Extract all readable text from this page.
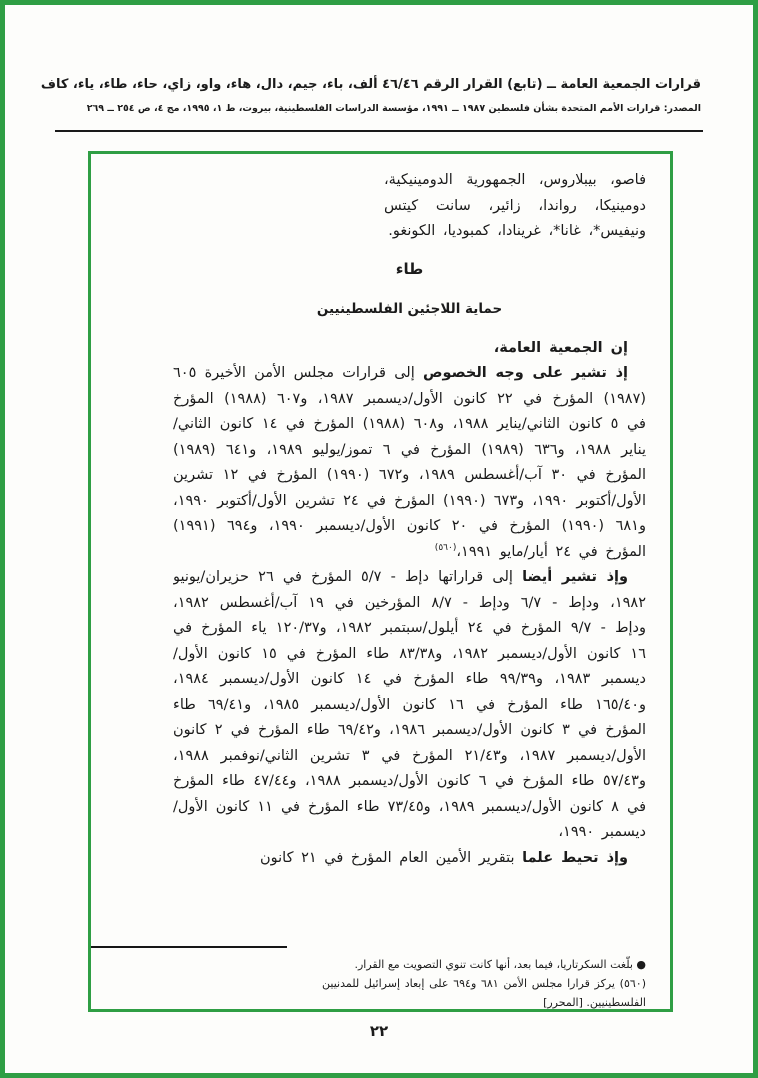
قرارات الجمعية العامة ــ (تابع) القرار الرقم ٤٦/٤٦ ألف، باء، جيم، دال، هاء، واو، زاي، حاء، طاء، ياء، كاف
المصدر: قرارات الأمم المتحدة بشأن فلسطين ١٩٨٧ ــ ١٩٩١، مؤسسة الدراسات الفلسطينية، بيروت، ط ١، ١٩٩٥، مج ٤، ص ٢٥٤ ــ ٢٦٩

فاصو، بيبلاروس، الجمهورية الدومينيكية، دومينيكا، رواندا، زائير، سانت كيتس ونيفيس*، غانا*، غرينادا، كمبوديا، الكونغو.

طاء

حماية اللاجئين الفلسطينيين

إن الجمعية العامة،

إذ تشير على وجه الخصوص إلى قرارات مجلس الأمن الأخيرة ٦٠٥ (١٩٨٧) المؤرخ في ٢٢ كانون الأول/ديسمبر ١٩٨٧، و٦٠٧ (١٩٨٨) المؤرخ في ٥ كانون الثاني/يناير ١٩٨٨، و٦٠٨ (١٩٨٨) المؤرخ في ١٤ كانون الثاني/يناير ١٩٨٨، و٦٣٦ (١٩٨٩) المؤرخ في ٦ تموز/يوليو ١٩٨٩، و٦٤١ (١٩٨٩) المؤرخ في ٣٠ آب/أغسطس ١٩٨٩، و٦٧٢ (١٩٩٠) المؤرخ في ١٢ تشرين الأول/أكتوبر ١٩٩٠، و٦٧٣ (١٩٩٠) المؤرخ في ٢٤ تشرين الأول/أكتوبر ١٩٩٠، و٦٨١ (١٩٩٠) المؤرخ في ٢٠ كانون الأول/ديسمبر ١٩٩٠، و٦٩٤ (١٩٩١) المؤرخ في ٢٤ أيار/مايو ١٩٩١،$^{(٥٦٠)}$

وإذ تشير أيضا إلى قراراتها دإط - ٥/٧ المؤرخ في ٢٦ حزيران/يونيو ١٩٨٢، ودإط - ٦/٧ ودإط - ٨/٧ المؤرخين في ١٩ آب/أغسطس ١٩٨٢، ودإط - ٩/٧ المؤرخ في ٢٤ أيلول/سبتمبر ١٩٨٢، و١٢٠/٣٧ ياء المؤرخ في ١٦ كانون الأول/ديسمبر ١٩٨٢، و٨٣/٣٨ طاء المؤرخ في ١٥ كانون الأول/ديسمبر ١٩٨٣، و٩٩/٣٩ طاء المؤرخ في ١٤ كانون الأول/ديسمبر ١٩٨٤، و١٦٥/٤٠ طاء المؤرخ في ١٦ كانون الأول/ديسمبر ١٩٨٥، و٦٩/٤١ طاء المؤرخ في ٣ كانون الأول/ديسمبر ١٩٨٦، و٦٩/٤٢ طاء المؤرخ في ٢ كانون الأول/ديسمبر ١٩٨٧، و٢١/٤٣ المؤرخ في ٣ تشرين الثاني/نوفمبر ١٩٨٨، و٥٧/٤٣ طاء المؤرخ في ٦ كانون الأول/ديسمبر ١٩٨٨، و٤٧/٤٤ طاء المؤرخ في ٨ كانون الأول/ديسمبر ١٩٨٩، و٧٣/٤٥ طاء المؤرخ في ١١ كانون الأول/ديسمبر ١٩٩٠،

وإذ تحيط علما بتقرير الأمين العام المؤرخ في ٢١ كانون

● بلّغت السكرتاريا، فيما بعد، أنها كانت تنوي التصويت مع القرار.

(٥٦٠) يركز قرارا مجلس الأمن ٦٨١ و٦٩٤ على إبعاد إسرائيل للمدنيين الفلسطينيين. [المحرر]

٢٢
